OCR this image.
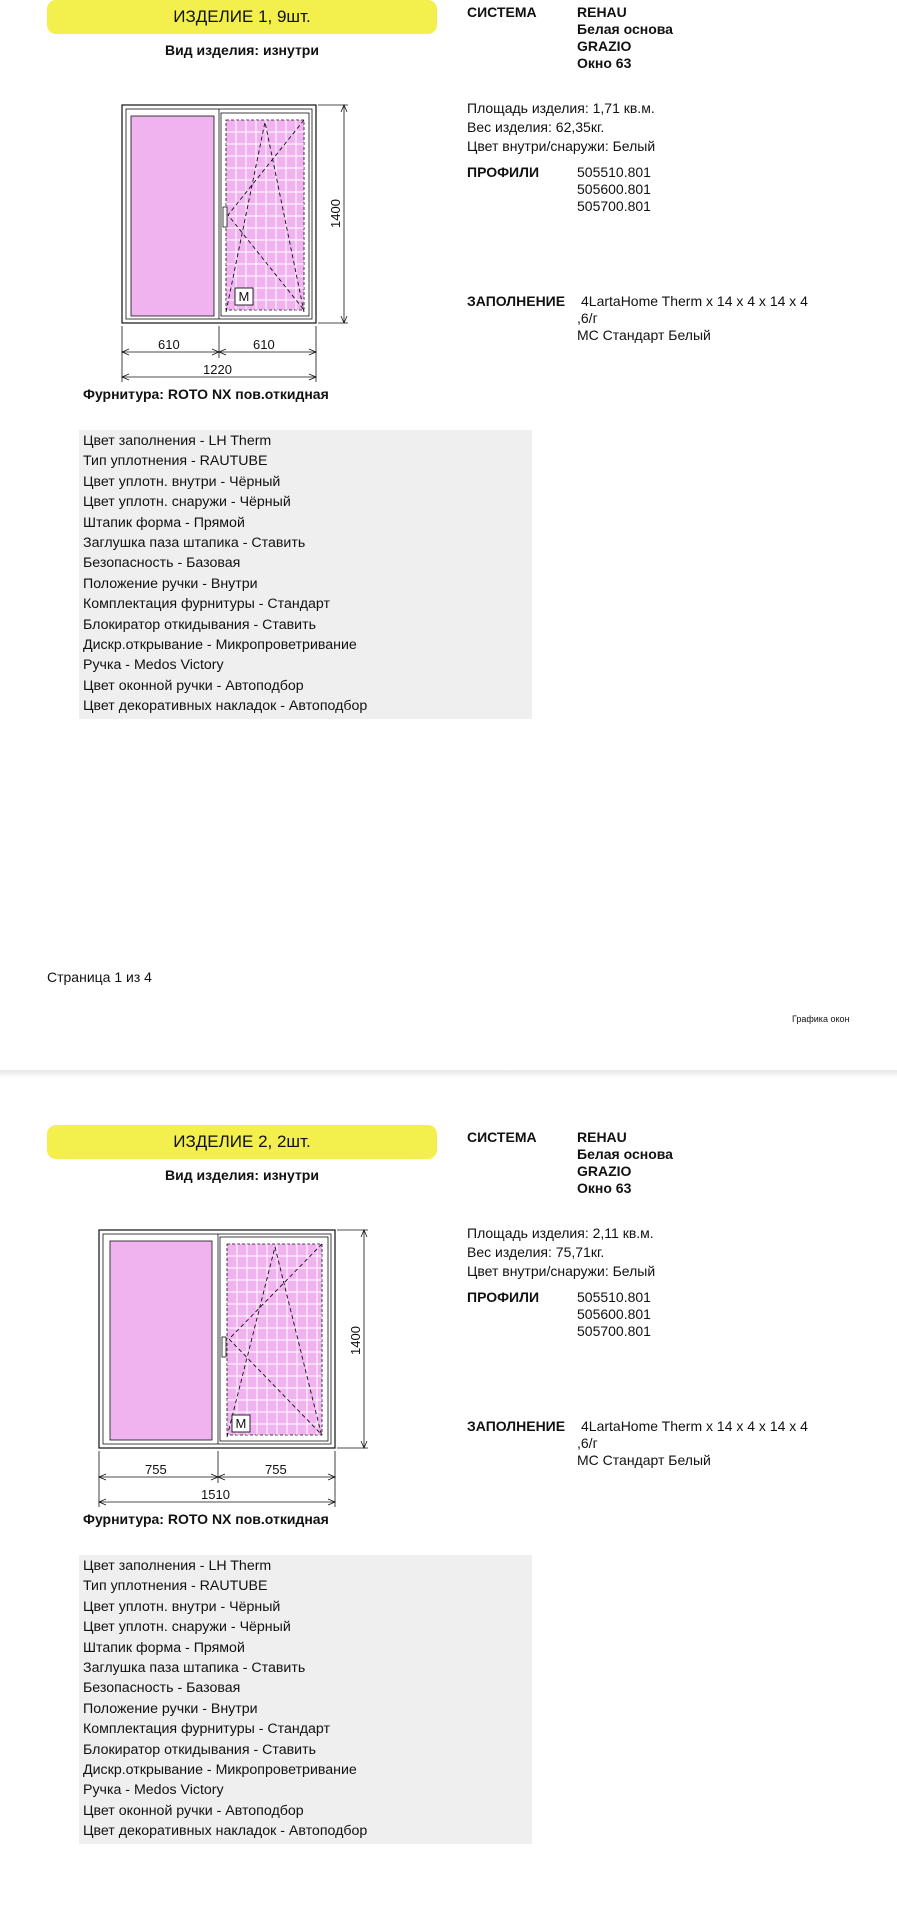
ИЗДЕЛИЕ 1, 9шт.
Вид изделия: изнутри
M
1400
610	610
1220
Фурнитура: ROTO NX пов.откидная
Цвет заполнения - LH Therm
Тип уплотнения - RAUTUBE
Цвет уплотн. внутри - Чёрный
Цвет уплотн. снаружи - Чёрный
Штапик форма - Прямой
Заглушка паза штапика - Ставить
Безопасность - Базовая
Положение ручки - Внутри
Комплектация фурнитуры - Стандарт
Блокиратор откидывания - Ставить
Дискр.открывание - Микропроветривание
Ручка - Medos Victory
Цвет оконной ручки - Автоподбор
Цвет декоративных накладок - Автоподбор
СИСТЕМА	REHAU
Белая основа
GRAZIO
Окно 63
Площадь изделия: 1,71 кв.м.
Вес изделия: 62,35кг.
Цвет внутри/снаружи: Белый
ПРОФИЛИ	505510.801
505600.801
505700.801
ЗАПОЛНЕНИЕ 4LartaHome Therm x 14 x 4 x 14 x 4
,6/г
МС Стандарт Белый
Страница 1 из 4
Графика окон
ИЗДЕЛИЕ 2, 2шт.
Вид изделия: изнутри
M
1400
755	755
1510
Фурнитура: ROTO NX пов.откидная
Цвет заполнения - LH Therm
Тип уплотнения - RAUTUBE
Цвет уплотн. внутри - Чёрный
Цвет уплотн. снаружи - Чёрный
Штапик форма - Прямой
Заглушка паза штапика - Ставить
Безопасность - Базовая
Положение ручки - Внутри
Комплектация фурнитуры - Стандарт
Блокиратор откидывания - Ставить
Дискр.открывание - Микропроветривание
Ручка - Medos Victory
Цвет оконной ручки - Автоподбор
Цвет декоративных накладок - Автоподбор
СИСТЕМА	REHAU
Белая основа
GRAZIO
Окно 63
Площадь изделия: 2,11 кв.м.
Вес изделия: 75,71кг.
Цвет внутри/снаружи: Белый
ПРОФИЛИ	505510.801
505600.801
505700.801
ЗАПОЛНЕНИЕ 4LartaHome Therm x 14 x 4 x 14 x 4
,6/г
МС Стандарт Белый
